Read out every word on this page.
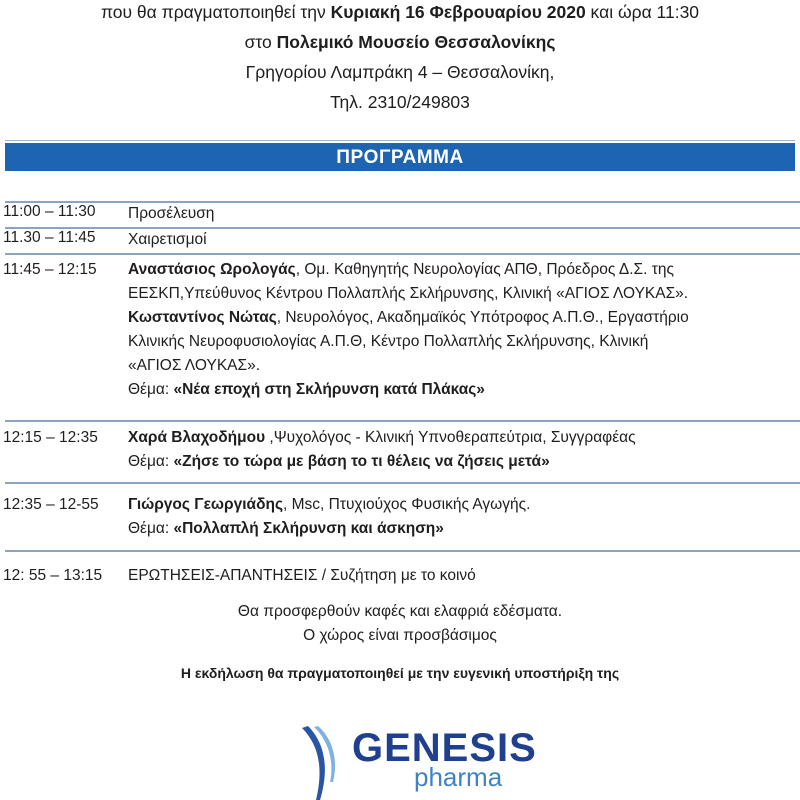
που θα πραγματοποιηθεί την Κυριακή 16 Φεβρουαρίου 2020 και ώρα 11:30
στο Πολεμικό Μουσείο Θεσσαλονίκης
Γρηγορίου Λαμπράκη 4 – Θεσσαλονίκη,
Τηλ. 2310/249803
ΠΡΟΓΡΑΜΜΑ
11:00 – 11:30 Προσέλευση
11.30 – 11:45 Χαιρετισμοί
11:45 – 12:15 Αναστάσιος Ωρολογάς, Ομ. Καθηγητής Νευρολογίας ΑΠΘ, Πρόεδρος Δ.Σ. της

ΕΕΣΚΠ,Υπεύθυνος Κέντρου Πολλαπλής Σκλήρυνσης, Κλινική «ΑΓΙΟΣ ΛΟΥΚΑΣ».

Κωσταντίνος Νώτας, Νευρολόγος, Ακαδημαϊκός Υπότροφος Α.Π.Θ., Εργαστήριο

Κλινικής Νευροφυσιολογίας Α.Π.Θ, Κέντρο Πολλαπλής Σκλήρυνσης, Κλινική

«ΑΓΙΟΣ ΛΟΥΚΑΣ».

Θέμα: «Νέα εποχή στη Σκλήρυνση κατά Πλάκας»

12:15 – 12:35 Χαρά Βλαχοδήμου ,Ψυχολόγος - Κλινική Υπνοθεραπεύτρια, Συγγραφέας

Θέμα: «Ζήσε το τώρα με βάση το τι θέλεις να ζήσεις μετά»

12:35 – 12-55 Γιώργος Γεωργιάδης, Msc, Πτυχιούχος Φυσικής Αγωγής.

Θέμα: «Πολλαπλή Σκλήρυνση και άσκηση»

12: 55 – 13:15 ΕΡΩΤΗΣΕΙΣ-ΑΠΑΝΤΗΣΕΙΣ / Συζήτηση με το κοινό
Θα προσφερθούν καφές και ελαφριά εδέσματα.
Ο χώρος είναι προσβάσιμος
Η εκδήλωση θα πραγματοποιηθεί με την ευγενική υποστήριξη της
GENESIS
pharma
